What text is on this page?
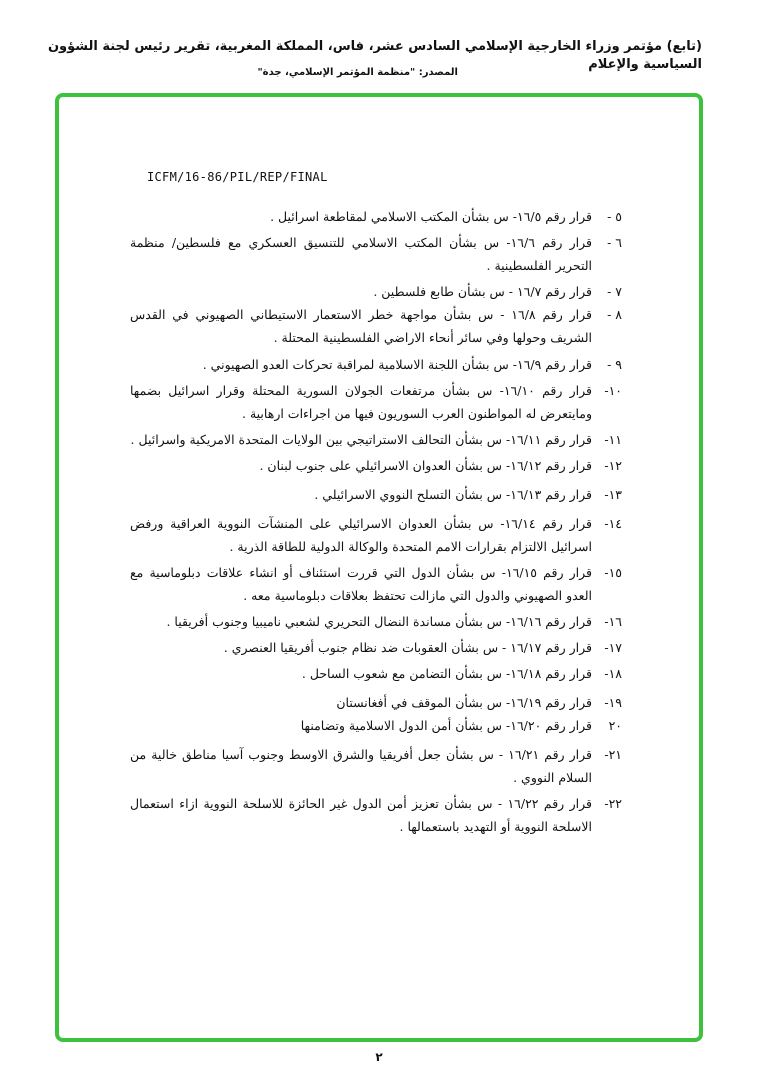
(تابع) مؤتمر وزراء الخارجية الإسلامي السادس عشر، فاس، المملكة المغربية، تقرير رئيس لجنة الشؤون السياسية والإعلام
المصدر: "منظمة المؤتمر الإسلامي، جدة"
ICFM/16-86/PIL/REP/FINAL
٥ -
قرار رقم ١٦/٥- س بشأن المكتب الاسلامي لمقاطعة اسرائيل .
٦ -
قرار رقم ١٦/٦- س بشأن المكتب الاسلامي للتنسيق العسكري مع فلسطين/ منظمة التحرير الفلسطينية .
٧ -
قرار رقم ١٦/٧ - س بشأن طابع فلسطين .
٨ -
قرار رقم ١٦/٨ - س بشأن مواجهة خطر الاستعمار الاستيطاني الصهيوني في القدس الشريف وحولها وفي سائر أنحاء الاراضي الفلسطينية المحتلة .
٩ -
قرار رقم ١٦/٩- س بشأن اللجنة الاسلامية لمراقبة تحركات العدو الصهيوني .
١٠-
قرار رقم ١٦/١٠- س بشأن مرتفعات الجولان السورية المحتلة وقرار اسرائيل بضمها ومايتعرض له المواطنون العرب السوريون فيها من اجراءات ارهابية .
١١-
قرار رقم ١٦/١١- س بشأن التحالف الاستراتيجي بين الولايات المتحدة الامريكية واسرائيل .
١٢-
قرار رقم ١٦/١٢- س بشأن العدوان الاسرائيلي على جنوب لبنان .
١٣-
قرار رقم ١٦/١٣- س بشأن التسلح النووي الاسرائيلي .
١٤-
قرار رقم ١٦/١٤- س بشأن العدوان الاسرائيلي على المنشآت النووية العراقية ورفض اسرائيل الالتزام بقرارات الامم المتحدة والوكالة الدولية للطاقة الذرية .
١٥-
قرار رقم ١٦/١٥- س بشأن الدول التي قررت استئناف أو انشاء علاقات دبلوماسية مع العدو الصهيوني والدول التي مازالت تحتفظ بعلاقات دبلوماسية معه .
١٦-
قرار رقم ١٦/١٦- س بشأن مساندة النضال التحريري لشعبي ناميبيا وجنوب أفريقيا .
١٧-
قرار رقم ١٦/١٧ - س بشأن العقوبات ضد نظام جنوب أفريقيا العنصري .
١٨-
قرار رقم ١٦/١٨- س بشأن التضامن مع شعوب الساحل .
١٩-
قرار رقم ١٦/١٩- س بشأن الموقف في أفغانستان
٢٠
قرار رقم ١٦/٢٠- س بشأن أمن الدول الاسلامية وتضامنها
٢١-
قرار رقم ١٦/٢١ - س بشأن جعل أفريقيا والشرق الاوسط وجنوب آسيا مناطق خالية من السلام النووي .
٢٢-
قرار رقم ١٦/٢٢ - س بشأن تعزيز أمن الدول غير الحائزة للاسلحة النووية ازاء استعمال الاسلحة النووية أو التهديد باستعمالها .
٢
